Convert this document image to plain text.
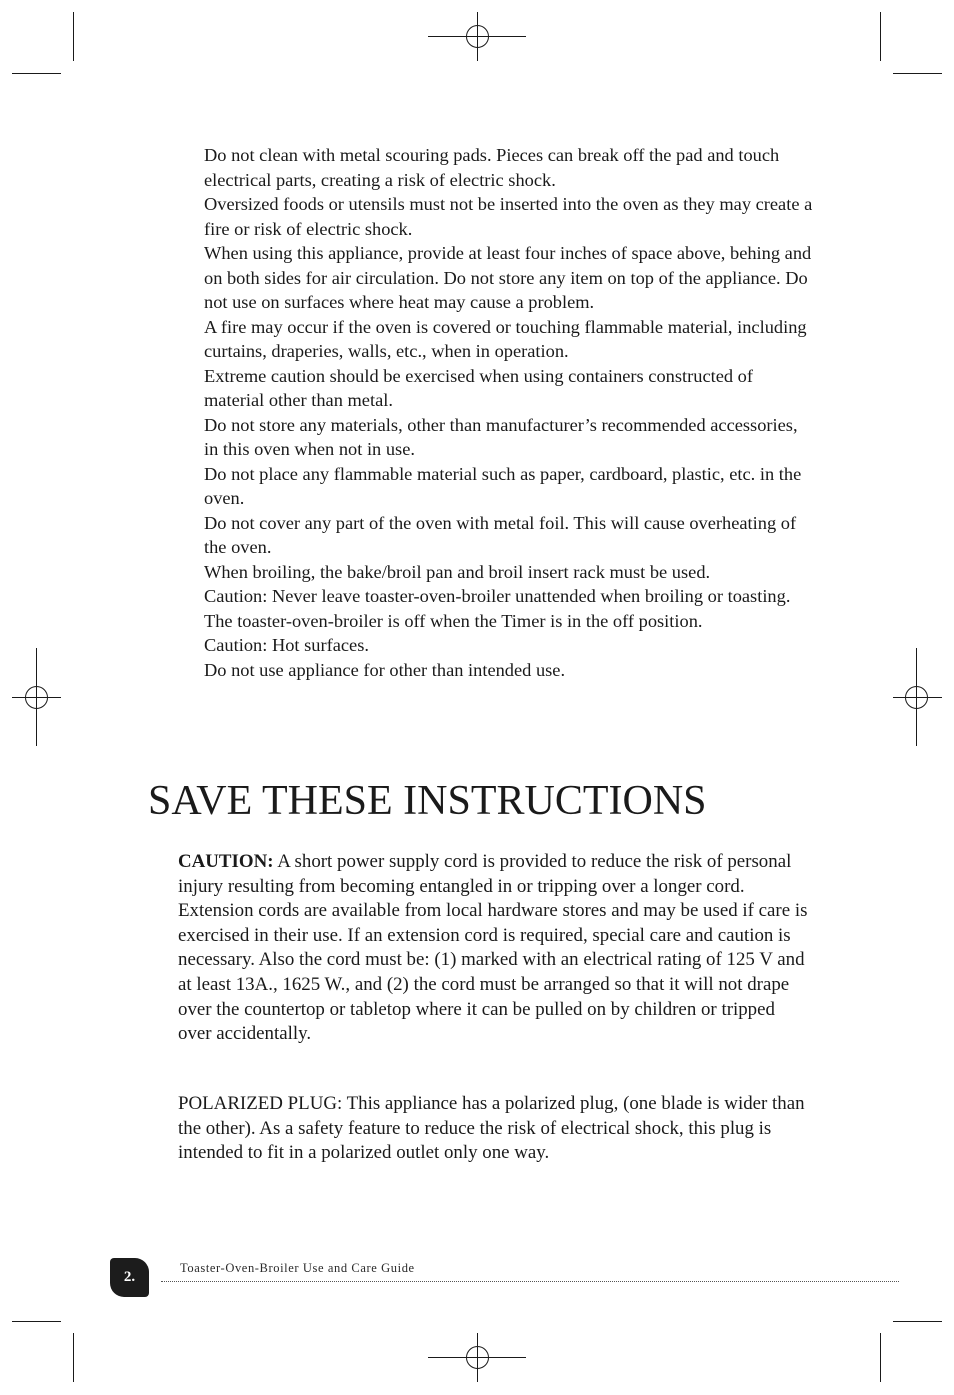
Do not clean with metal scouring pads. Pieces can break off the pad and touch electrical parts, creating a risk of electric shock.
Oversized foods or utensils must not be inserted into the oven as they may create a fire or risk of electric shock.
When using this appliance, provide at least four inches of space above, behing and on both sides for air circulation. Do not store any item on top of the appliance. Do not use on surfaces where heat may cause a problem.
A fire may occur if the oven is covered or touching flammable material, including curtains, draperies, walls, etc., when in operation.
Extreme caution should be exercised when using containers constructed of material other than metal.
Do not store any materials, other than manufacturer’s recommended accessories, in this oven when not in use.
Do not place any flammable material such as paper, cardboard, plastic, etc. in the oven.
Do not cover any part of the oven with metal foil. This will cause overheating of the oven.
When broiling, the bake/broil pan and broil insert rack must be used.
Caution: Never leave toaster-oven-broiler unattended when broiling or toasting.
The toaster-oven-broiler is off when the Timer is in the off position.
Caution: Hot surfaces.
Do not use appliance for other than intended use.
SAVE THESE INSTRUCTIONS

CAUTION: A short power supply cord is provided to reduce the risk of personal injury resulting from becoming entangled in or tripping over a longer cord. Extension cords are available from local hardware stores and may be used if care is exercised in their use. If an extension cord is required, special care and caution is necessary. Also the cord must be: (1) marked with an electrical rating of 125 V and at least 13A., 1625 W., and (2) the cord must be arranged so that it will not drape over the countertop or tabletop where it can be pulled on by children or tripped over accidentally.

POLARIZED PLUG: This appliance has a polarized plug, (one blade is wider than the other). As a safety feature to reduce the risk of electrical shock, this plug is intended to fit in a polarized outlet only one way.

2.
Toaster-Oven-Broiler Use and Care Guide
